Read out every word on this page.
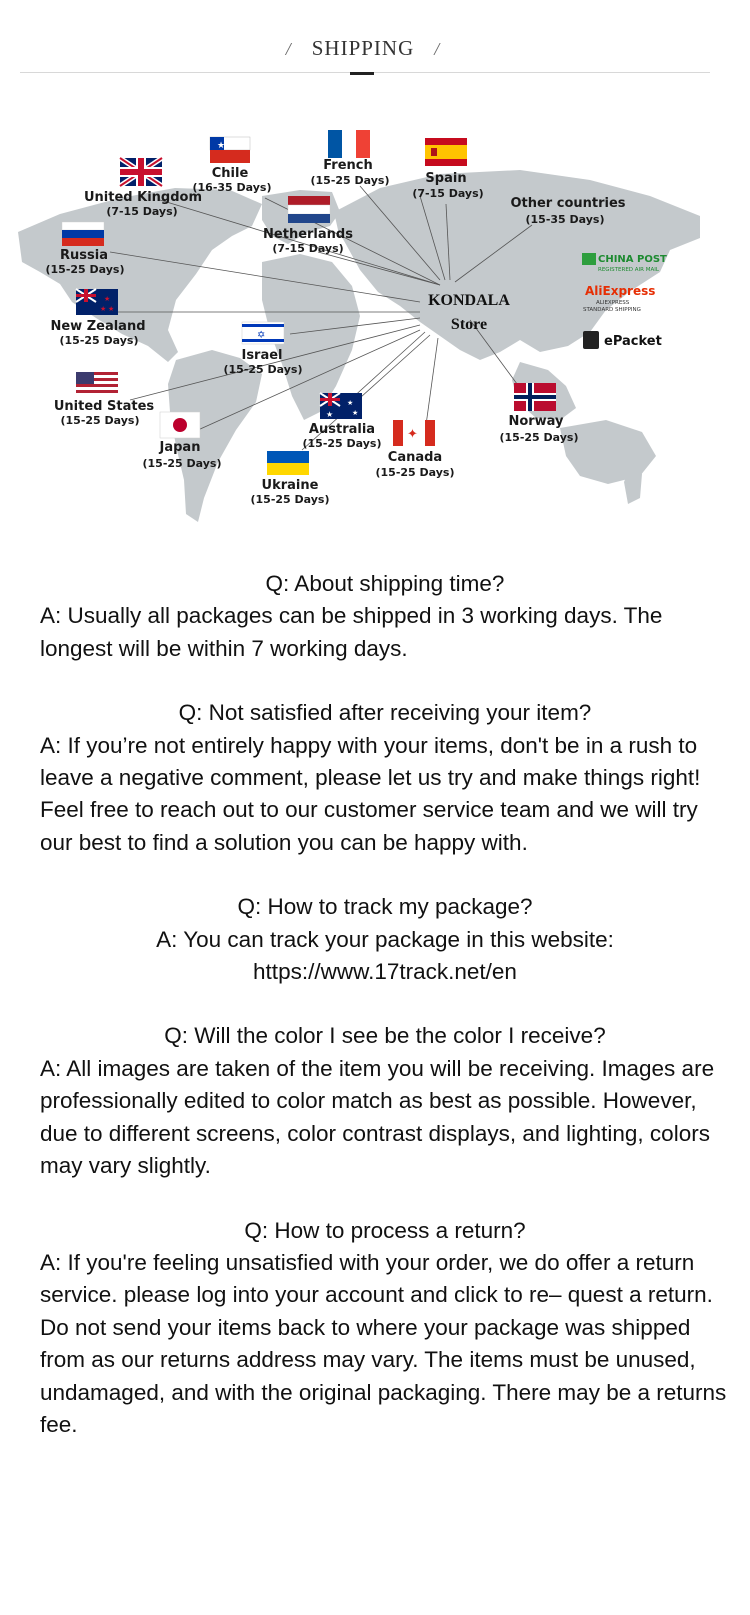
/ SHIPPING /
★
★
★
★
✡
★
★
★
✦
Chile
(16-35 Days)
French
(15-25 Days)	Spain
(7-15 Days)
United Kingdom
(7-15 Days)
Netherlands
(7-15 Days)
Other countries
(15-35 Days)
Russia
(15-25 Days)
New Zealand
(15-25 Days)
Israel
(15-25 Days)
United States
(15-25 Days)
Japan
(15-25 Days)
Australia
(15-25 Days)
Canada
(15-25 Days)
Norway
(15-25 Days)
Ukraine
(15-25 Days)
KONDALA
Store
CHINA POST
REGISTERED AIR MAIL
AliExpress
ALIEXPRESS
STANDARD SHIPPING
ePacket
Q: About shipping time?
A: Usually all packages can be shipped in 3 working days. The longest will be within 7 working days.
Q: Not satisfied after receiving your item?
A: If you’re not entirely happy with your items, don't be in a rush to leave a negative comment, please let us try and make things right! Feel free to reach out to our customer service team and we will try our best to find a solution you can be happy with.
Q: How to track my package?
A: You can track your package in this website:
https://www.17track.net/en
Q: Will the color I see be the color I receive?
A: All images are taken of the item you will be receiving. Images are professionally edited to color match as best as possible. However, due to different screens, color contrast displays, and lighting, colors may vary slightly.
Q: How to process a return?
A: If you're feeling unsatisfied with your order, we do offer a return service. please log into your account and click to re– quest a return. Do not send your items back to where your package was shipped from as our returns address may vary. The items must be unused, undamaged, and with the original packaging. There may be a returns fee.
